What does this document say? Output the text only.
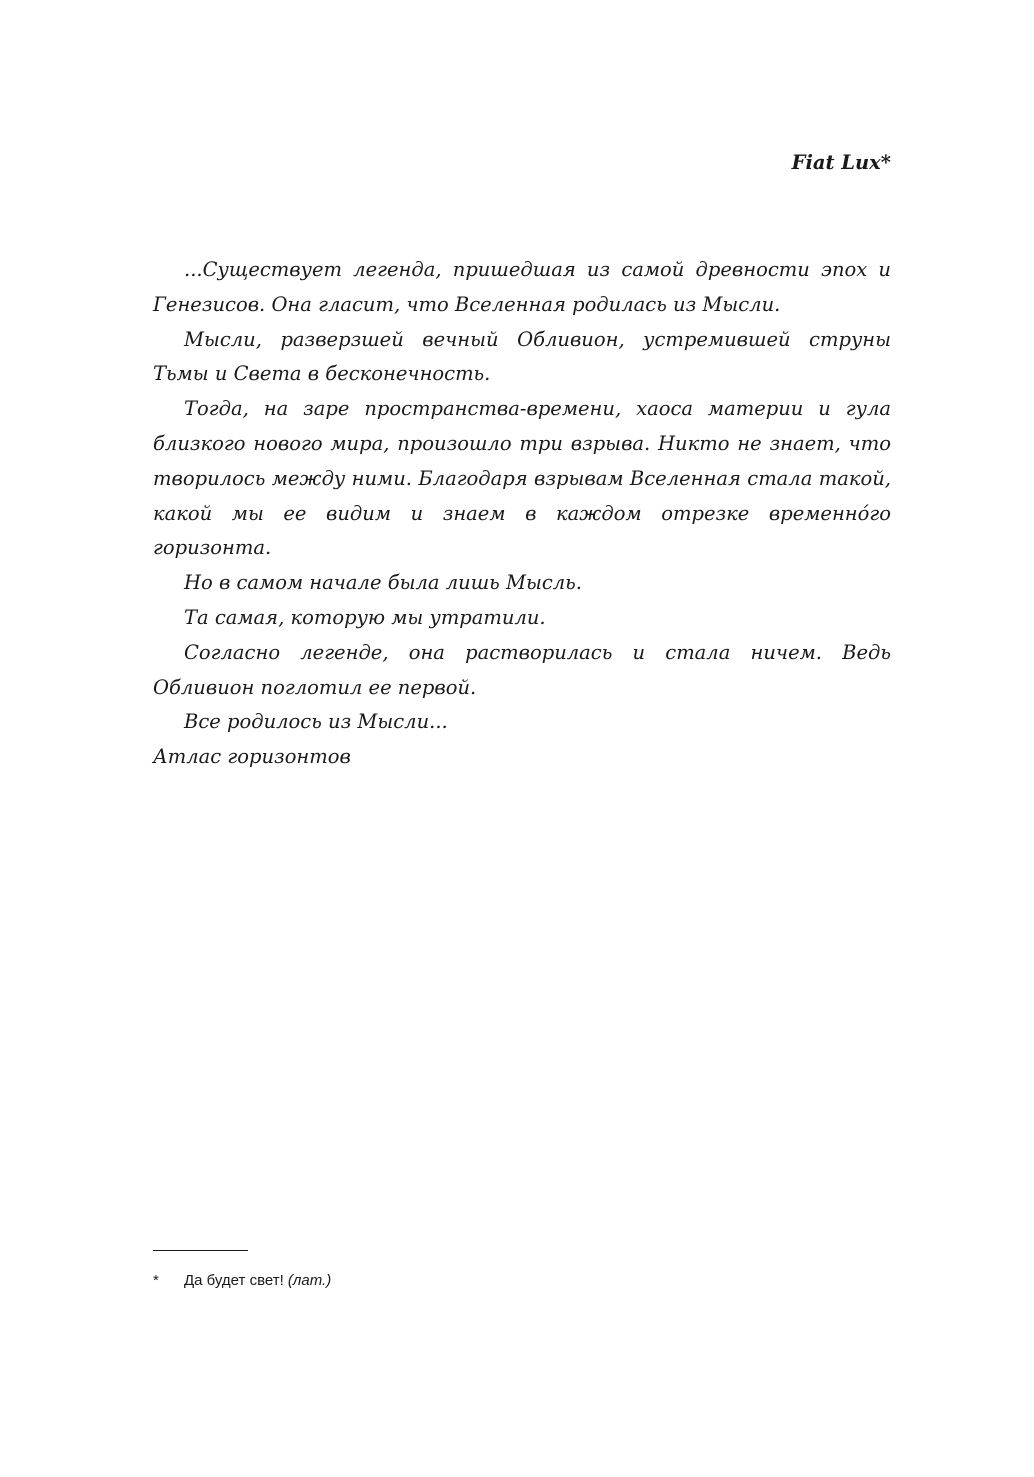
Fiat Lux*

...Существует легенда, пришедшая из самой древности эпох и Генезисов. Она гласит, что Вселенная родилась из Мысли.

Мысли, разверзшей вечный Обливион, устремившей струны Тьмы и Света в бесконечность.

Тогда, на заре пространства-времени, хаоса материи и гула близкого нового мира, произошло три взрыва. Никто не знает, что творилось между ними. Благодаря взрывам Вселенная стала такой, какой мы ее видим и знаем в каждом отрезке временно́го горизонта.

Но в самом начале была лишь Мысль.

Та самая, которую мы утратили.

Согласно легенде, она растворилась и стала ничем. Ведь Обливион поглотил ее первой.

Все родилось из Мысли...

Атлас горизонтов

* Да будет свет! (лат.)
